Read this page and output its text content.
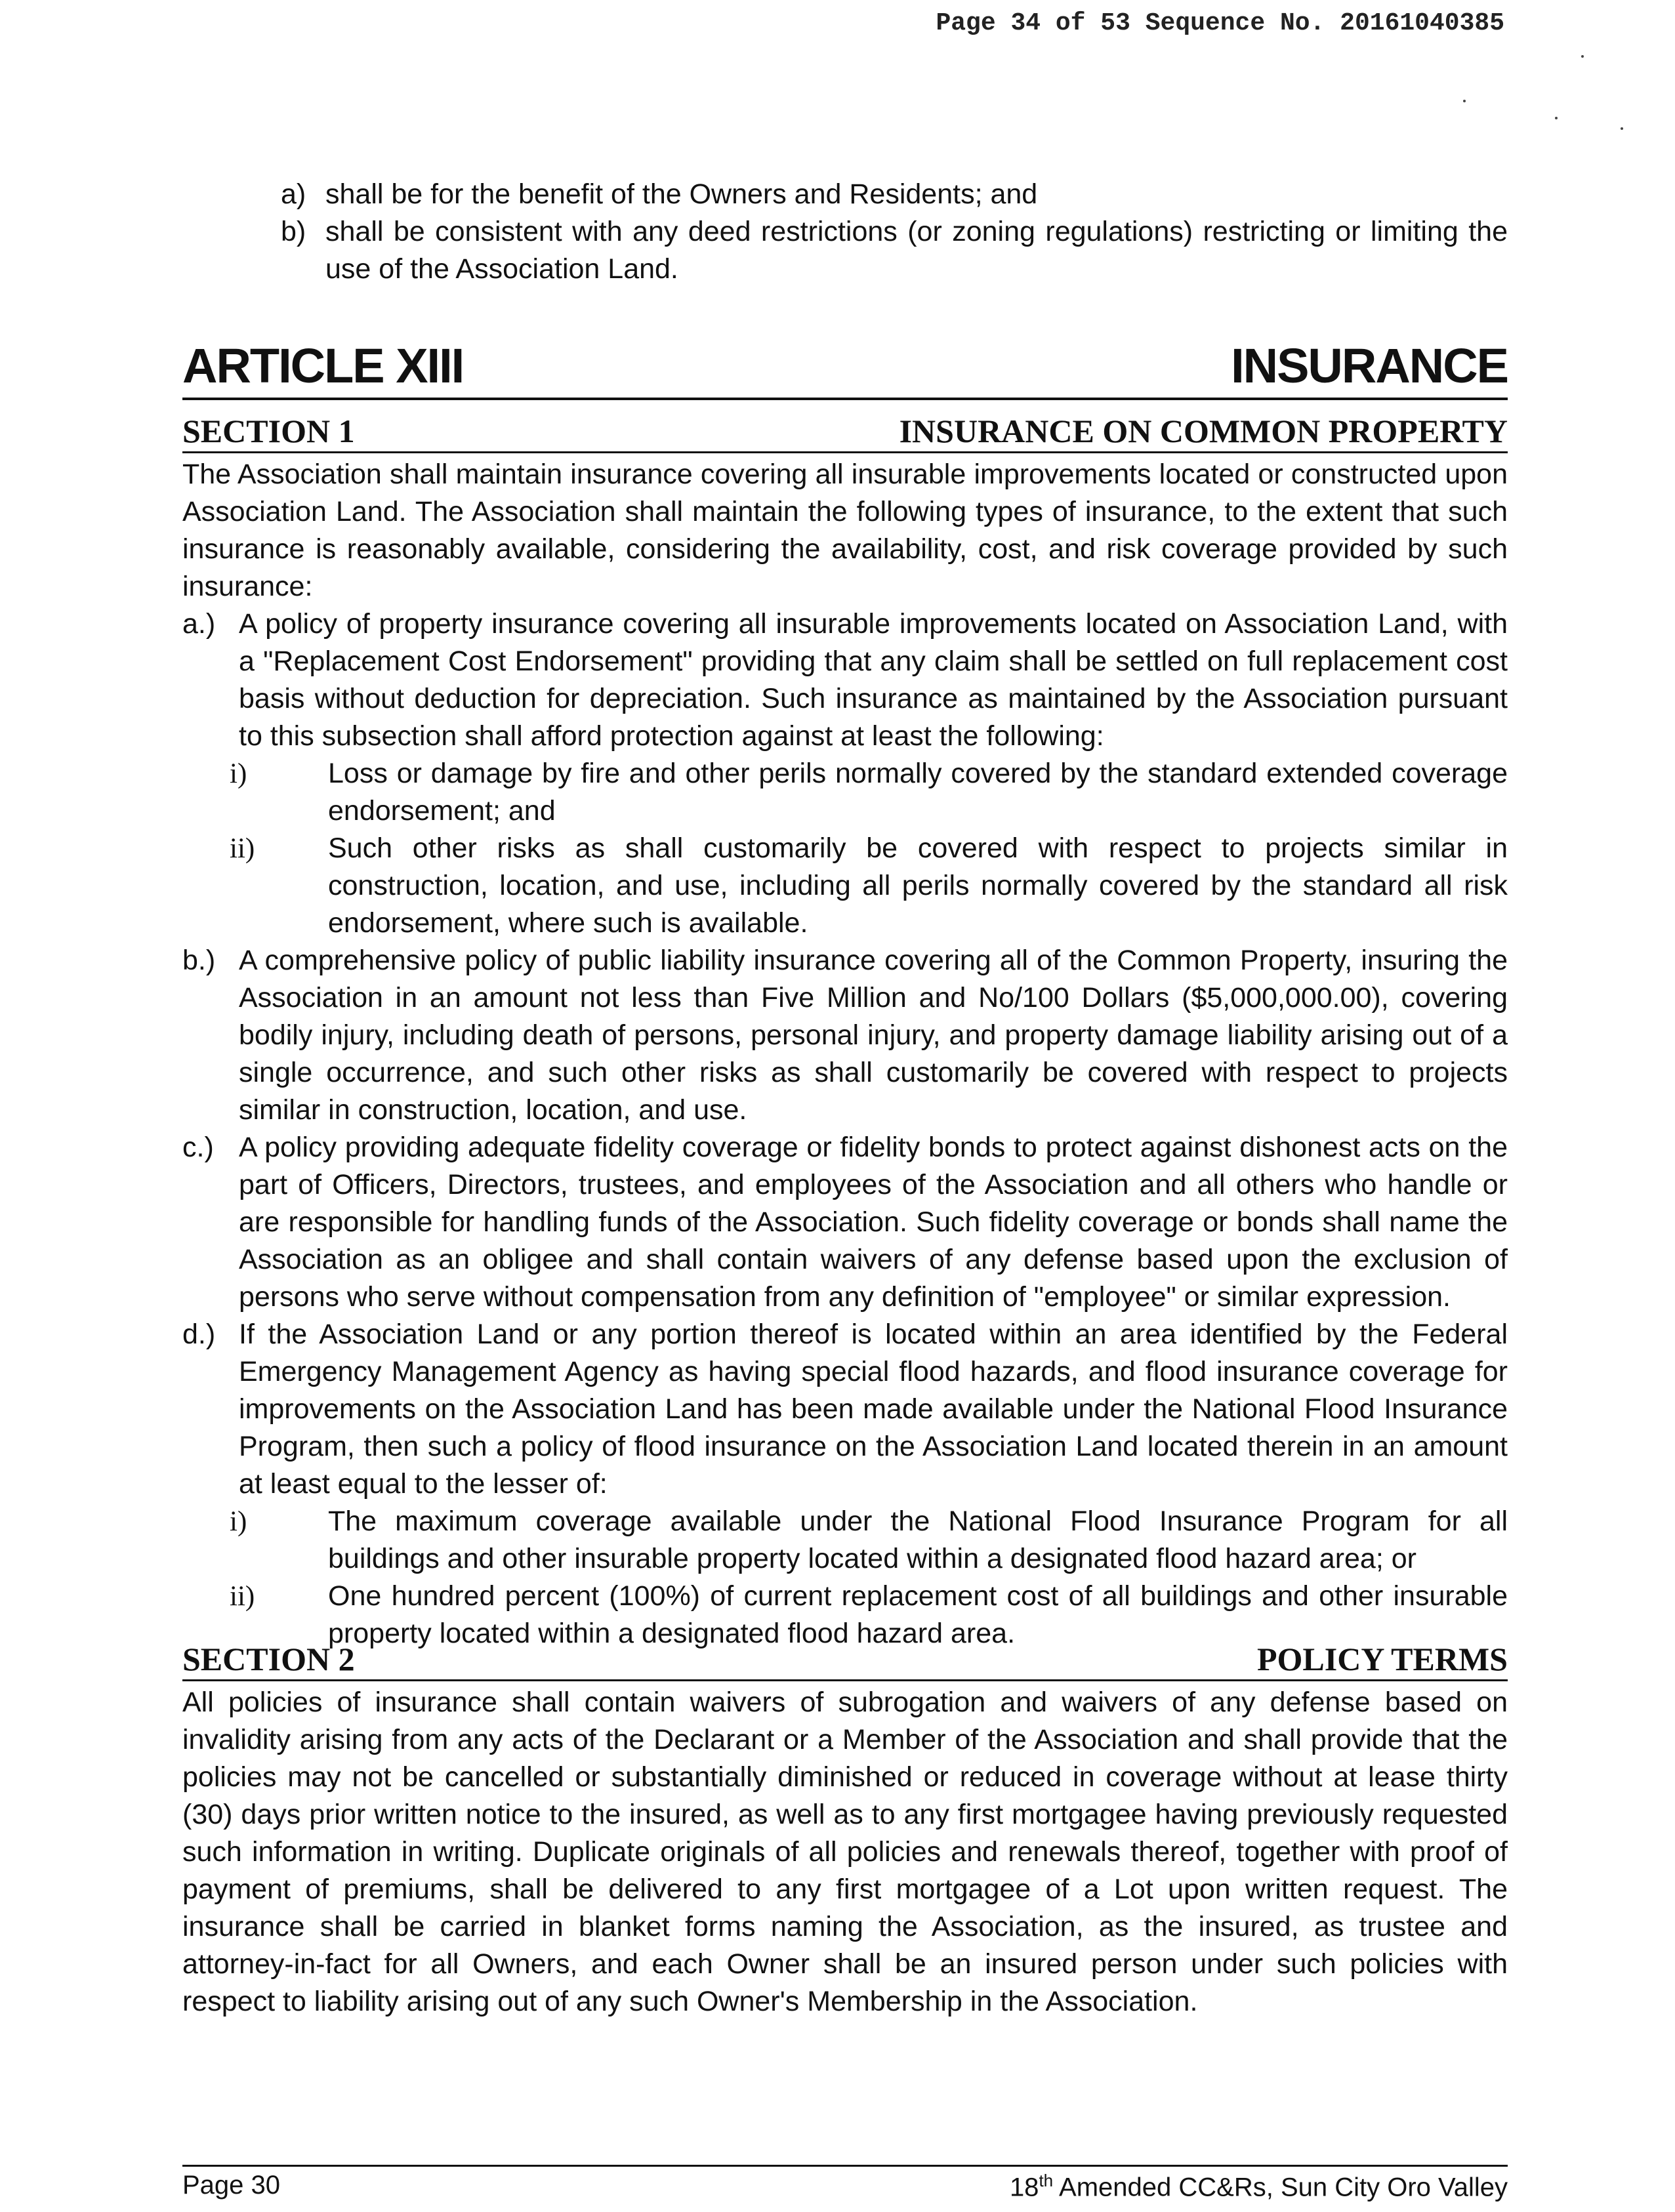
Page 34 of 53 Sequence No. 20161040385
a) shall be for the benefit of the Owners and Residents; and
b) shall be consistent with any deed restrictions (or zoning regulations) restricting or limiting the use of the Association Land.
ARTICLE XIII	INSURANCE
SECTION 1	INSURANCE ON COMMON PROPERTY
The Association shall maintain insurance covering all insurable improvements located or constructed upon Association Land. The Association shall maintain the following types of insurance, to the extent that such insurance is reasonably available, considering the availability, cost, and risk coverage provided by such insurance:
a.) A policy of property insurance covering all insurable improvements located on Association Land, with a "Replacement Cost Endorsement" providing that any claim shall be settled on full replacement cost basis without deduction for depreciation. Such insurance as maintained by the Association pursuant to this subsection shall afford protection against at least the following:
i)	Loss or damage by fire and other perils normally covered by the standard extended coverage endorsement; and
ii)	Such other risks as shall customarily be covered with respect to projects similar in construction, location, and use, including all perils normally covered by the standard all risk endorsement, where such is available.
b.) A comprehensive policy of public liability insurance covering all of the Common Property, insuring the Association in an amount not less than Five Million and No/100 Dollars ($5,000,000.00), covering bodily injury, including death of persons, personal injury, and property damage liability arising out of a single occurrence, and such other risks as shall customarily be covered with respect to projects similar in construction, location, and use.
c.) A policy providing adequate fidelity coverage or fidelity bonds to protect against dishonest acts on the part of Officers, Directors, trustees, and employees of the Association and all others who handle or are responsible for handling funds of the Association. Such fidelity coverage or bonds shall name the Association as an obligee and shall contain waivers of any defense based upon the exclusion of persons who serve without compensation from any definition of "employee" or similar expression.
d.) If the Association Land or any portion thereof is located within an area identified by the Federal Emergency Management Agency as having special flood hazards, and flood insurance coverage for improvements on the Association Land has been made available under the National Flood Insurance Program, then such a policy of flood insurance on the Association Land located therein in an amount at least equal to the lesser of:
i)	The maximum coverage available under the National Flood Insurance Program for all buildings and other insurable property located within a designated flood hazard area; or
ii)	One hundred percent (100%) of current replacement cost of all buildings and other insurable property located within a designated flood hazard area.
SECTION 2	POLICY TERMS
All policies of insurance shall contain waivers of subrogation and waivers of any defense based on invalidity arising from any acts of the Declarant or a Member of the Association and shall provide that the policies may not be cancelled or substantially diminished or reduced in coverage without at lease thirty (30) days prior written notice to the insured, as well as to any first mortgagee having previously requested such information in writing. Duplicate originals of all policies and renewals thereof, together with proof of payment of premiums, shall be delivered to any first mortgagee of a Lot upon written request. The insurance shall be carried in blanket forms naming the Association, as the insured, as trustee and attorney-in-fact for all Owners, and each Owner shall be an insured person under such policies with respect to liability arising out of any such Owner's Membership in the Association.
Page 30	18th Amended CC&Rs, Sun City Oro Valley
